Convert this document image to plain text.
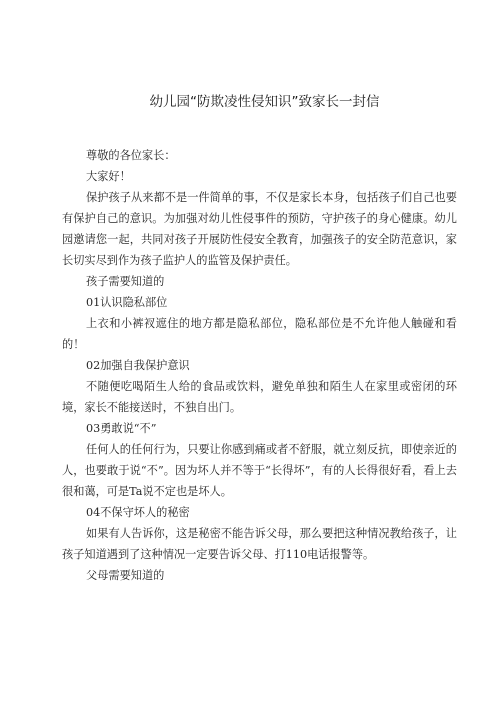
幼儿园“防欺凌性侵知识”致家长一封信

尊敬的各位家长：

大家好！

保护孩子从来都不是一件简单的事，不仅是家长本身，包括孩子们自己也要有保护自己的意识。为加强对幼儿性侵事件的预防，守护孩子的身心健康。幼儿园邀请您一起，共同对孩子开展防性侵安全教育，加强孩子的安全防范意识，家长切实尽到作为孩子监护人的监管及保护责任。

孩子需要知道的

01认识隐私部位

上衣和小裤衩遮住的地方都是隐私部位，隐私部位是不允许他人触碰和看的！

02加强自我保护意识

不随便吃喝陌生人给的食品或饮料，避免单独和陌生人在家里或密闭的环境，家长不能接送时，不独自出门。

03勇敢说“不”

任何人的任何行为，只要让你感到痛或者不舒服，就立刻反抗，即使亲近的人，也要敢于说“不”。因为坏人并不等于“长得坏”，有的人长得很好看，看上去很和蔼，可是Ta说不定也是坏人。

04不保守坏人的秘密

如果有人告诉你，这是秘密不能告诉父母，那么要把这种情况教给孩子，让孩子知道遇到了这种情况一定要告诉父母、打110电话报警等。

父母需要知道的
